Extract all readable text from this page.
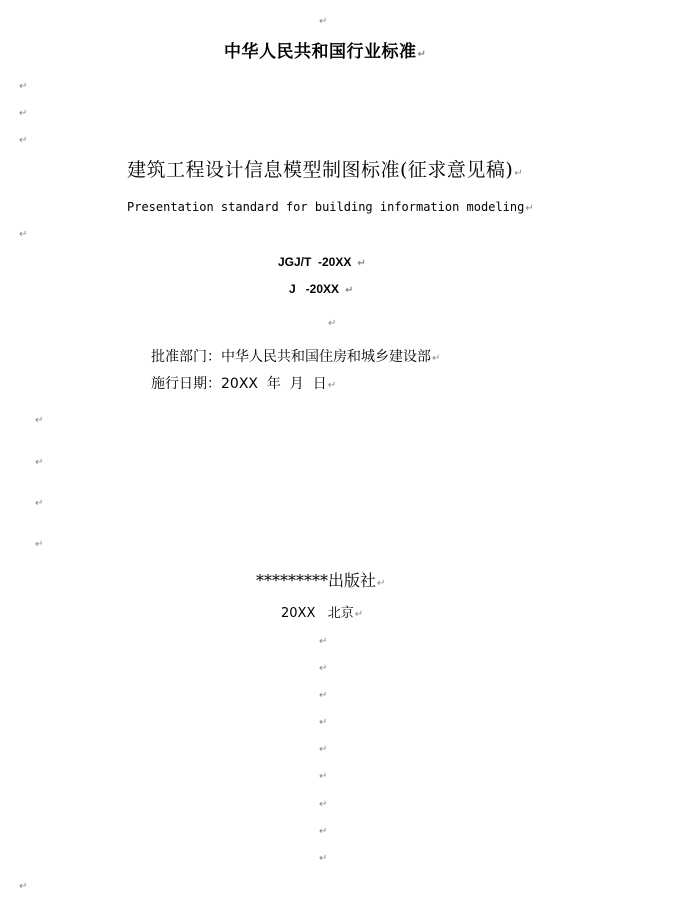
↵
中华人民共和国行业标准↵
↵
↵
↵
建筑工程设计信息模型制图标准(征求意见稿)↵
Presentation standard for building information modeling↵
↵
JGJ/T  -20XX ↵
J   -20XX ↵
↵
批准部门：中华人民共和国住房和城乡建设部↵
施行日期：20XX  年  月  日↵
↵
↵
↵
↵
*********出版社↵
20XX   北京↵
↵
↵
↵
↵
↵
↵
↵
↵
↵
↵
